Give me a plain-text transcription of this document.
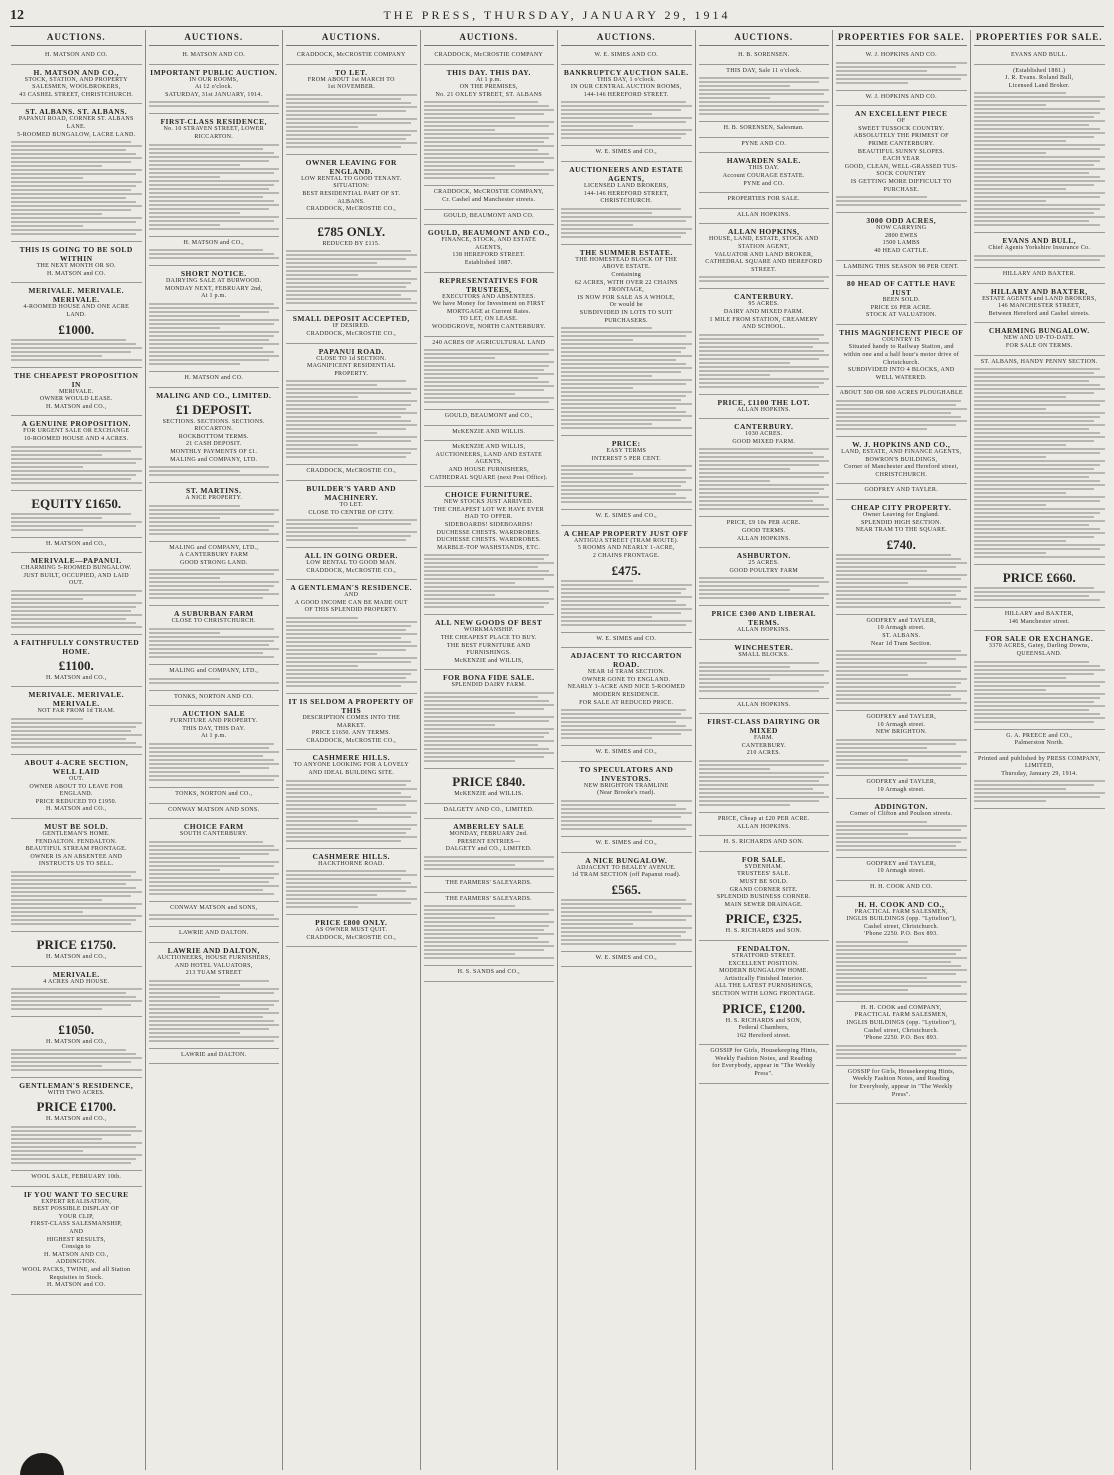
12	THE PRESS, THURSDAY, JANUARY 29, 1914
AUCTIONS.
H. MATSON AND CO.
H. MATSON AND CO.,
STOCK, STATION, AND PROPERTY
SALESMEN, WOOLBROKERS,
43 CASHEL STREET, CHRISTCHURCH.
ST. ALBANS. ST. ALBANS.
PAPANUI ROAD, CORNER ST. ALBANS
LANE.
5-ROOMED BUNGALOW, LACRE LAND.
THIS IS GOING TO BE SOLD WITHIN
THE NEXT MONTH OR SO.
H. MATSON and CO.
MERIVALE. MERIVALE. MERIVALE.
4-ROOMED HOUSE AND ONE ACRE
LAND.
£1000.
THE CHEAPEST PROPOSITION IN
MERIVALE.
OWNER WOULD LEASE.
H. MATSON and CO.,
A GENUINE PROPOSITION.
FOR URGENT SALE OR EXCHANGE
10-ROOMED HOUSE AND 4 ACRES.
EQUITY £1650.
H. MATSON and CO.,
MERIVALE—PAPANUI.
CHARMING 5-ROOMED BUNGALOW.
JUST BUILT, OCCUPIED, AND LAID
OUT.
A FAITHFULLY CONSTRUCTED HOME.
£1100.
H. MATSON and CO.,
MERIVALE. MERIVALE. MERIVALE.
NOT FAR FROM 1d TRAM.
ABOUT 4-ACRE SECTION, WELL LAID
OUT.
OWNER ABOUT TO LEAVE FOR
ENGLAND.
PRICE REDUCED TO £1950.
H. MATSON and CO.,
MUST BE SOLD.
GENTLEMAN'S HOME.
FENDALTON. FENDALTON.
BEAUTIFUL STREAM FRONTAGE.
OWNER IS AN ABSENTEE AND
INSTRUCTS US TO SELL.
PRICE £1750.
H. MATSON and CO.,
MERIVALE.
4 ACRES AND HOUSE.
£1050.
H. MATSON and CO.,
GENTLEMAN'S RESIDENCE,
WITH TWO ACRES.
PRICE £1700.
H. MATSON and CO.,
WOOL SALE, FEBRUARY 10th.
IF YOU WANT TO SECURE
EXPERT REALISATION,
BEST POSSIBLE DISPLAY OF
YOUR CLIP,
FIRST-CLASS SALESMANSHIP,
AND
HIGHEST RESULTS,
Consign to
H. MATSON AND CO.,
ADDINGTON.
WOOL PACKS, TWINE, and all Station
Requisites in Stock.
H. MATSON and CO.
AUCTIONS.
H. MATSON AND CO.
IMPORTANT PUBLIC AUCTION.
IN OUR ROOMS,
At 12 o'clock.
SATURDAY, 31st JANUARY, 1914.
FIRST-CLASS RESIDENCE,
No. 10 STRAVEN STREET, LOWER
RICCARTON.
H. MATSON and CO.,
SHORT NOTICE.
DAIRYING SALE AT BURWOOD.
MONDAY NEXT, FEBRUARY 2nd,
At 1 p.m.
H. MATSON and CO.
MALING AND CO., LIMITED.
£1 DEPOSIT.
SECTIONS. SECTIONS. SECTIONS.
RICCARTON.
ROCKBOTTOM TERMS.
21 CASH DEPOSIT.
MONTHLY PAYMENTS OF £1.
MALING and COMPANY, LTD.
ST. MARTINS.
A NICE PROPERTY.
MALING and COMPANY, LTD.,
A CANTERBURY FARM
GOOD STRONG LAND.
A SUBURBAN FARM
CLOSE TO CHRISTCHURCH.
MALING and COMPANY, LTD.,
TONKS, NORTON AND CO.
AUCTION SALE
FURNITURE AND PROPERTY.
THIS DAY, THIS DAY.
At 1 p.m.
TONKS, NORTON and CO.,
CONWAY MATSON AND SONS.
CHOICE FARM
SOUTH CANTERBURY.
CONWAY MATSON and SONS,
LAWRIE AND DALTON.
LAWRIE AND DALTON,
AUCTIONEERS, HOUSE FURNISHERS,
AND HOTEL VALUATORS,
213 TUAM STREET
LAWRIE and DALTON.
AUCTIONS.
CRADDOCK, McCROSTIE COMPANY
TO LET.
FROM ABOUT 1st MARCH TO
1st NOVEMBER.
OWNER LEAVING FOR ENGLAND.
LOW RENTAL TO GOOD TENANT.
SITUATION:
BEST RESIDENTIAL PART OF ST.
ALBANS.
CRADDOCK, McCROSTIE CO.,
£785 ONLY.
REDUCED BY £115.
SMALL DEPOSIT ACCEPTED,
IF DESIRED.
CRADDOCK, McCROSTIE CO.,
PAPANUI ROAD.
CLOSE TO 1d SECTION.
MAGNIFICENT RESIDENTIAL
PROPERTY.
CRADDOCK, McCROSTIE CO.,
BUILDER'S YARD AND MACHINERY.
TO LET.
CLOSE TO CENTRE OF CITY.
ALL IN GOING ORDER.
LOW RENTAL TO GOOD MAN.
CRADDOCK, McCROSTIE CO.,
A GENTLEMAN'S RESIDENCE.
AND
A GOOD INCOME CAN BE MADE OUT
OF THIS SPLENDID PROPERTY.
IT IS SELDOM A PROPERTY OF THIS
DESCRIPTION COMES INTO THE
MARKET.
PRICE £1650. ANY TERMS.
CRADDOCK, McCROSTIE CO.,
CASHMERE HILLS.
TO ANYONE LOOKING FOR A LOVELY
AND IDEAL BUILDING SITE.
CASHMERE HILLS.
HACKTHORNE ROAD.
PRICE £800 ONLY.
AS OWNER MUST QUIT.
CRADDOCK, McCROSTIE CO.,
AUCTIONS.
CRADDOCK, McCROSTIE COMPANY
THIS DAY. THIS DAY.
At 1 p.m.
ON THE PREMISES,
No. 21 OXLEY STREET, ST. ALBANS
CRADDOCK, McCROSTIE COMPANY,
Cr. Cashel and Manchester streets.
GOULD, BEAUMONT AND CO.
GOULD, BEAUMONT AND CO.,
FINANCE, STOCK, AND ESTATE
AGENTS,
138 HEREFORD STREET.
Established 1887.
REPRESENTATIVES FOR TRUSTEES,
EXECUTORS AND ABSENTEES.
We have Money for Investment on FIRST
MORTGAGE at Current Rates.
TO LET, ON LEASE.
WOODGROVE, NORTH CANTERBURY.
240 ACRES OF AGRICULTURAL LAND
GOULD, BEAUMONT and CO.,
McKENZIE AND WILLIS.
McKENZIE AND WILLIS,
AUCTIONEERS, LAND AND ESTATE
AGENTS,
AND HOUSE FURNISHERS,
CATHEDRAL SQUARE (next Post Office).
CHOICE FURNITURE.
NEW STOCKS JUST ARRIVED.
THE CHEAPEST LOT WE HAVE EVER
HAD TO OFFER.
SIDEBOARDS! SIDEBOARDS!
DUCHESSE CHESTS. WARDROBES.
DUCHESSE CHESTS. WARDROBES.
MARBLE-TOP WASHSTANDS, ETC.
ALL NEW GOODS OF BEST
WORKMANSHIP.
THE CHEAPEST PLACE TO BUY.
THE BEST FURNITURE AND
FURNISHINGS.
McKENZIE and WILLIS,
FOR BONA FIDE SALE.
SPLENDID DAIRY FARM.
PRICE £840.
McKENZIE and WILLIS.
DALGETY AND CO., LIMITED.
AMBERLEY SALE
MONDAY, FEBRUARY 2nd.
PRESENT ENTRIES—
DALGETY and CO., LIMITED.
THE FARMERS' SALEYARDS.
THE FARMERS' SALEYARDS.
H. S. SANDS and CO.,
AUCTIONS.
W. E. SIMES AND CO.
BANKRUPTCY AUCTION SALE.
THIS DAY, 1 o'clock.
IN OUR CENTRAL AUCTION ROOMS,
144-146 HEREFORD STREET.
W. E. SIMES and CO.,
AUCTIONEERS AND ESTATE AGENTS,
LICENSED LAND BROKERS,
144-146 HEREFORD STREET,
CHRISTCHURCH.
THE SUMMER ESTATE.
THE HOMESTEAD BLOCK OF THE
ABOVE ESTATE.
Containing
62 ACRES, WITH OVER 22 CHAINS
FRONTAGE,
IS NOW FOR SALE AS A WHOLE,
Or would be
SUBDIVIDED IN LOTS TO SUIT
PURCHASERS.
PRICE:
EASY TERMS
INTEREST 5 PER CENT.
W. E. SIMES and CO.,
A CHEAP PROPERTY JUST OFF
ANTIGUA STREET (TRAM ROUTE).
5 ROOMS AND NEARLY 1-ACRE,
2 CHAINS FRONTAGE.
£475.
W. E. SIMES and CO.
ADJACENT TO RICCARTON ROAD.
NEAR 1d TRAM SECTION.
OWNER GONE TO ENGLAND.
NEARLY 1-ACRE AND NICE 5-ROOMED
MODERN RESIDENCE.
FOR SALE AT REDUCED PRICE.
W. E. SIMES and CO.,
TO SPECULATORS AND INVESTORS.
NEW BRIGHTON TRAMLINE
(Near Brooke's road).
W. E. SIMES and CO.,
A NICE BUNGALOW.
ADJACENT TO BEALEY AVENUE.
1d TRAM SECTION (off Papanui road).
£565.
W. E. SIMES and CO.,
AUCTIONS.
H. B. SORENSEN.
THIS DAY, Sale 11 o'clock.
H. B. SORENSEN, Salesman.
PYNE AND CO.
HAWARDEN SALE.
THIS DAY.
Account COURAGE ESTATE.
PYNE and CO.
PROPERTIES FOR SALE.
ALLAN HOPKINS.
ALLAN HOPKINS,
HOUSE, LAND, ESTATE, STOCK AND
STATION AGENT,
VALUATOR AND LAND BROKER,
CATHEDRAL SQUARE AND HEREFORD
STREET.
CANTERBURY.
95 ACRES.
DAIRY AND MIXED FARM.
1 MILE FROM STATION, CREAMERY
AND SCHOOL.
PRICE, £1100 THE LOT.
ALLAN HOPKINS.
CANTERBURY.
1030 ACRES.
GOOD MIXED FARM.
PRICE, £9 10s PER ACRE.
GOOD TERMS.
ALLAN HOPKINS.
ASHBURTON.
25 ACRES.
GOOD POULTRY FARM
PRICE £300 AND LIBERAL TERMS.
ALLAN HOPKINS.
WINCHESTER.
SMALL BLOCKS.
ALLAN HOPKINS.
FIRST-CLASS DAIRYING OR MIXED
FARM.
CANTERBURY.
210 ACRES.
PRICE, Cheap at £20 PER ACRE.
ALLAN HOPKINS.
H. S. RICHARDS AND SON.
FOR SALE.
SYDENHAM.
TRUSTEES' SALE.
MUST BE SOLD.
GRAND CORNER SITE.
SPLENDID BUSINESS CORNER.
MAIN SEWER DRAINAGE.
PRICE, £325.
H. S. RICHARDS and SON.
FENDALTON.
STRATFORD STREET.
EXCELLENT POSITION.
MODERN BUNGALOW HOME.
Artistically Finished Interior.
ALL THE LATEST FURNISHINGS,
SECTION WITH LONG FRONTAGE.
PRICE, £1200.
H. S. RICHARDS and SON,
Federal Chambers,
162 Hereford street.
GOSSIP for Girls, Housekeeping Hints,
Weekly Fashion Notes, and Reading
for Everybody, appear in "The Weekly
Press".
PROPERTIES FOR SALE.
W. J. HOPKINS AND CO.
W. J. HOPKINS AND CO.
AN EXCELLENT PIECE
OF
SWEET TUSSOCK COUNTRY.
ABSOLUTELY THE PRIMEST OF
PRIME CANTERBURY.
BEAUTIFUL SUNNY SLOPES.
EACH YEAR
GOOD, CLEAN, WELL-GRASSED TUS-
SOCK COUNTRY
IS GETTING MORE DIFFICULT TO
PURCHASE.
3000 ODD ACRES,
NOW CARRYING
2800 EWES
1500 LAMBS
40 HEAD CATTLE.
LAMBING THIS SEASON 98 PER CENT.
80 HEAD OF CATTLE HAVE JUST
BEEN SOLD.
PRICE £6 PER ACRE.
STOCK AT VALUATION.
THIS MAGNIFICENT PIECE OF
COUNTRY IS
Situated handy to Railway Station, and
within one and a half hour's motor drive of
Christchurch.
SUBDIVIDED INTO 4 BLOCKS, AND
WELL WATERED.
ABOUT 500 OR 600 ACRES PLOUGHABLE
W. J. HOPKINS AND CO.,
LAND, ESTATE, AND FINANCE AGENTS,
BOWRON'S BUILDINGS,
Corner of Manchester and Hereford street,
CHRISTCHURCH.
GODFREY AND TAYLER.
CHEAP CITY PROPERTY.
Owner Leaving for England.
SPLENDID HIGH SECTION.
NEAR TRAM TO THE SQUARE.
£740.
GODFREY and TAYLER,
10 Armagh street.
ST. ALBANS.
Near 1d Tram Section.
GODFREY and TAYLER,
10 Armagh street.
NEW BRIGHTON.
GODFREY and TAYLER,
10 Armagh street.
ADDINGTON.
Corner of Clifton and Poulson streets.
GODFREY and TAYLER,
10 Armagh street.
H. H. COOK AND CO.
H. H. COOK AND CO.,
PRACTICAL FARM SALESMEN,
INGLIS BUILDINGS (opp. "Lyttelton"),
Cashel street, Christchurch.
'Phone 2250. P.O. Box 893.
H. H. COOK and COMPANY,
PRACTICAL FARM SALESMEN,
INGLIS BUILDINGS (opp. "Lyttelton"),
Cashel street, Christchurch.
'Phone 2250. P.O. Box 893.
GOSSIP for Girls, Housekeeping Hints,
Weekly Fashion Notes, and Reading
for Everybody, appear in "The Weekly
Press".
PROPERTIES FOR SALE.
EVANS AND BULL.
(Established 1881.)
J. R. Evans. Roland Bull,
Licensed Land Broker.
EVANS AND BULL,
Chief Agents Yorkshire Insurance Co.
HILLARY AND BAXTER.
HILLARY AND BAXTER,
ESTATE AGENTS and LAND BROKERS,
146 MANCHESTER STREET,
Between Hereford and Cashel streets.
CHARMING BUNGALOW.
NEW AND UP-TO-DATE.
FOR SALE ON TERMS.
ST. ALBANS, HANDY PENNY SECTION.
PRICE £660.
HILLARY and BAXTER,
146 Manchester street.
FOR SALE OR EXCHANGE.
3370 ACRES, Gatey, Darling Downs,
QUEENSLAND.
G. A. PREECE and CO.,
Palmerston North.
Printed and published by PRESS COMPANY, LIMITED,
Thursday, January 29, 1914.
